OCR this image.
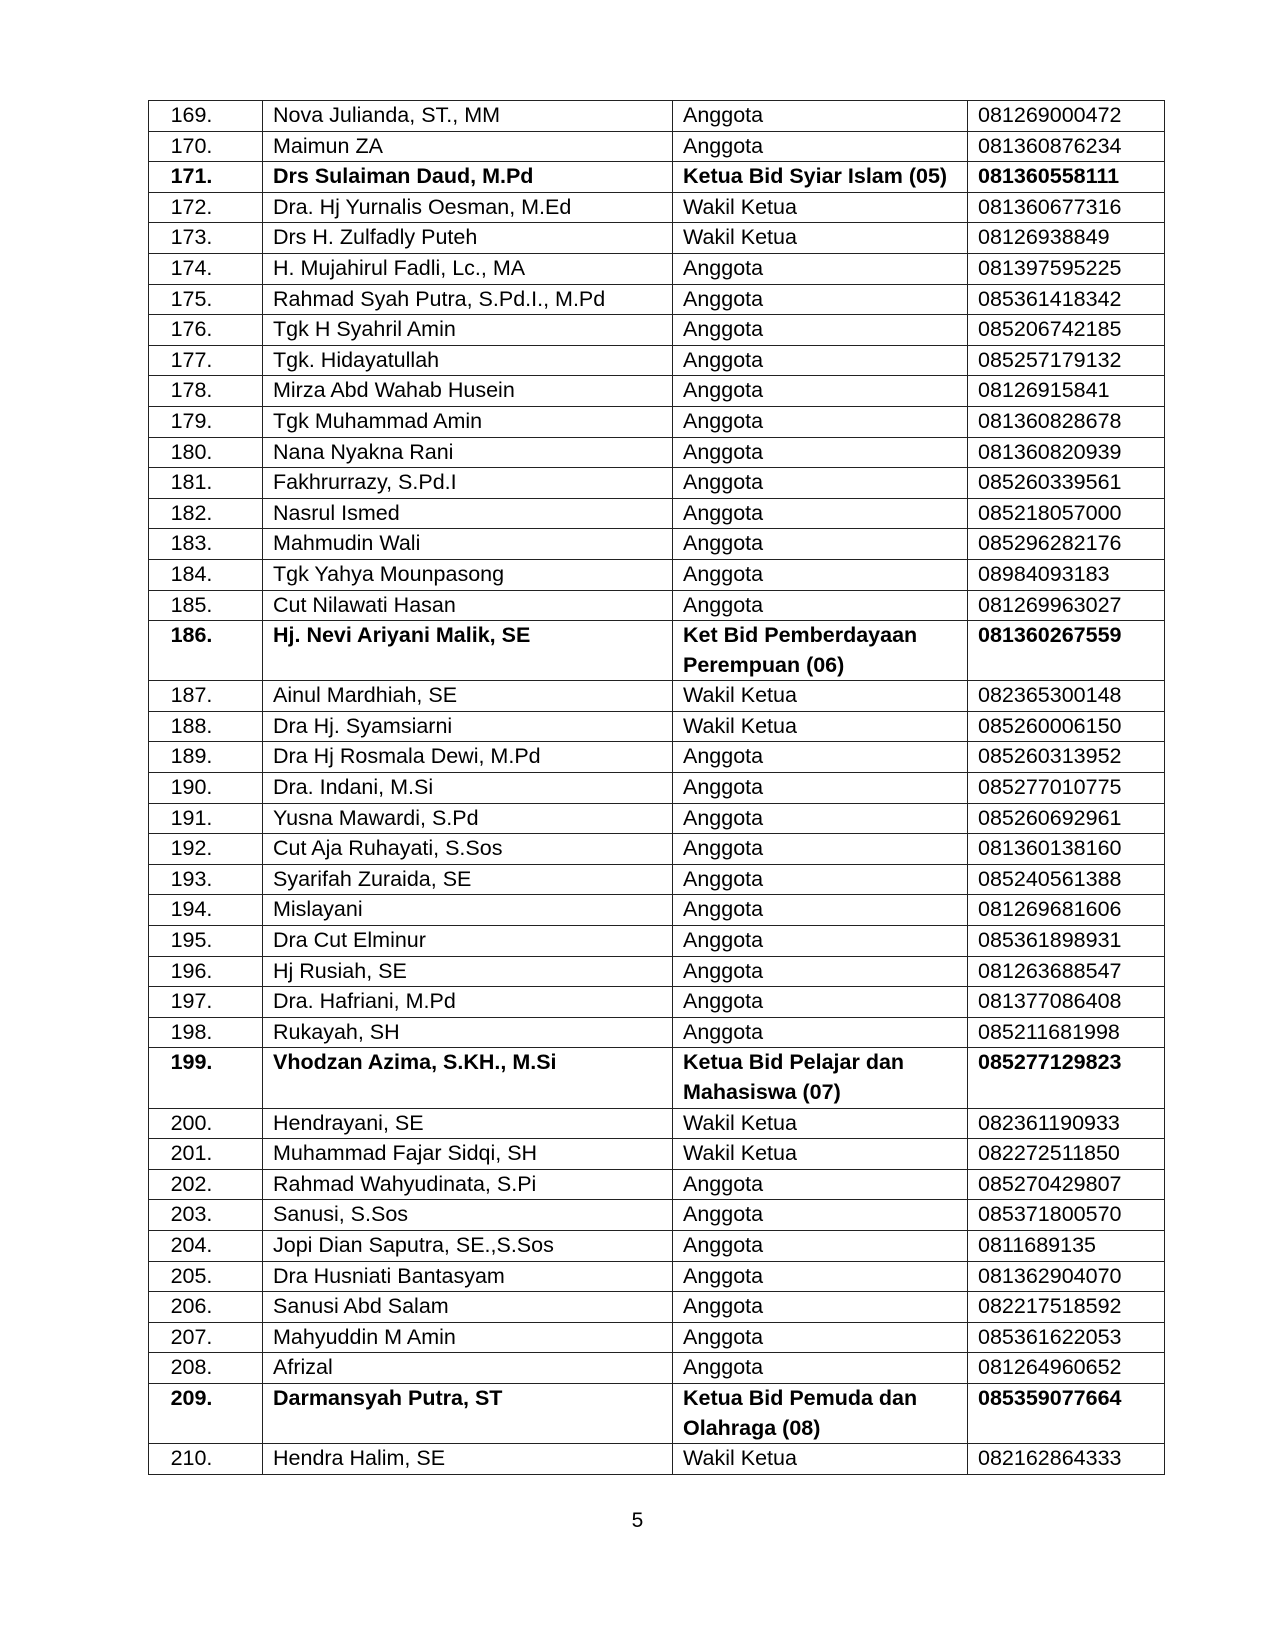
169.	Nova Julianda, ST., MM	Anggota	081269000472
170.	Maimun ZA	Anggota	081360876234
171.	Drs Sulaiman Daud, M.Pd	Ketua Bid Syiar Islam (05)	081360558111
172.	Dra. Hj Yurnalis Oesman, M.Ed	Wakil Ketua	081360677316
173.	Drs H. Zulfadly Puteh	Wakil Ketua	08126938849
174.	H. Mujahirul Fadli, Lc., MA	Anggota	081397595225
175.	Rahmad Syah Putra, S.Pd.I., M.Pd	Anggota	085361418342
176.	Tgk H Syahril Amin	Anggota	085206742185
177.	Tgk. Hidayatullah	Anggota	085257179132
178.	Mirza Abd Wahab Husein	Anggota	08126915841
179.	Tgk Muhammad Amin	Anggota	081360828678
180.	Nana Nyakna Rani	Anggota	081360820939
181.	Fakhrurrazy, S.Pd.I	Anggota	085260339561
182.	Nasrul Ismed	Anggota	085218057000
183.	Mahmudin Wali	Anggota	085296282176
184.	Tgk Yahya Mounpasong	Anggota	08984093183
185.	Cut Nilawati Hasan	Anggota	081269963027
186.	Hj. Nevi Ariyani Malik, SE	Ket Bid Pemberdayaan Perempuan (06)	081360267559
187.	Ainul Mardhiah, SE	Wakil Ketua	082365300148
188.	Dra Hj. Syamsiarni	Wakil Ketua	085260006150
189.	Dra Hj Rosmala Dewi, M.Pd	Anggota	085260313952
190.	Dra. Indani, M.Si	Anggota	085277010775
191.	Yusna Mawardi, S.Pd	Anggota	085260692961
192.	Cut Aja Ruhayati, S.Sos	Anggota	081360138160
193.	Syarifah Zuraida, SE	Anggota	085240561388
194.	Mislayani	Anggota	081269681606
195.	Dra Cut Elminur	Anggota	085361898931
196.	Hj Rusiah, SE	Anggota	081263688547
197.	Dra. Hafriani, M.Pd	Anggota	081377086408
198.	Rukayah, SH	Anggota	085211681998
199.	Vhodzan Azima, S.KH., M.Si	Ketua Bid Pelajar dan Mahasiswa (07)	085277129823
200.	Hendrayani, SE	Wakil Ketua	082361190933
201.	Muhammad Fajar Sidqi, SH	Wakil Ketua	082272511850
202.	Rahmad Wahyudinata, S.Pi	Anggota	085270429807
203.	Sanusi, S.Sos	Anggota	085371800570
204.	Jopi Dian Saputra, SE.,S.Sos	Anggota	0811689135
205.	Dra Husniati Bantasyam	Anggota	081362904070
206.	Sanusi Abd Salam	Anggota	082217518592
207.	Mahyuddin M Amin	Anggota	085361622053
208.	Afrizal	Anggota	081264960652
209.	Darmansyah Putra, ST	Ketua Bid Pemuda dan Olahraga (08)	085359077664
210.	Hendra Halim, SE	Wakil Ketua	082162864333
5
